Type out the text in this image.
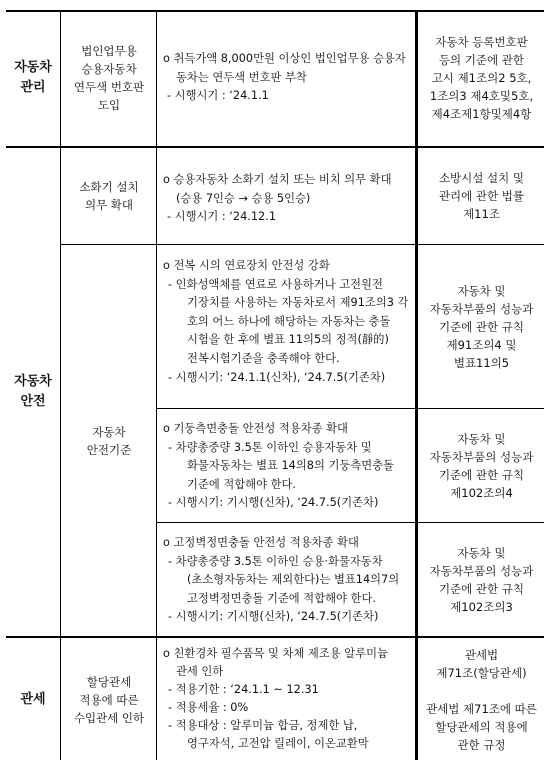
자동차
관리
법인업무용
승용자동차
연두색 번호판
도입
o 취득가액 8,000만원 이상인 법인업무용 승용자
동차는 연두색 번호판 부착
- 시행시기 : ‘24.1.1
자동차 등록번호판
등의 기준에 관한
고시 제1조의2 5호,
1조의3 제4호및5호,
제4조제1항및제4항
자동차
안전
소화기 설치
의무 확대
o 승용자동차 소화기 설치 또는 비치 의무 확대
(승용 7인승 → 승용 5인승)
- 시행시기 : ‘24.12.1
소방시설 설치 및
관리에 관한 법률
제11조
자동차
안전기준
o 전복 시의 연료장치 안전성 강화
- 인화성액체를 연료로 사용하거나 고전원전
기장치를 사용하는 자동차로서 제91조의3 각
호의 어느 하나에 해당하는 자동차는 충돌
시험을 한 후에 별표 11의5의 정적(靜的)
전복시험기준을 충족해야 한다.
- 시행시기: ‘24.1.1(신차), ‘24.7.5(기존차)
자동차 및
자동차부품의 성능과
기준에 관한 규칙
제91조의4 및
별표11의5
o 기둥측면충돌 안전성 적용차종 확대
- 차량총중량 3.5톤 이하인 승용자동차 및
화물자동차는 별표 14의8의 기둥측면충돌
기준에 적합해야 한다.
- 시행시기: 기시행(신차), ‘24.7.5(기존차)
자동차 및
자동차부품의 성능과
기준에 관한 규칙
제102조의4
o 고정벽정면충돌 안전성 적용차종 확대
- 차량총중량 3.5톤 이하인 승용‧화물자동차
(초소형자동차는 제외한다)는 별표14의7의
고정벽정면충돌 기준에 적합해야 한다.
- 시행시기: 기시행(신차), ‘24.7.5(기존차)
자동차 및
자동차부품의 성능과
기준에 관한 규칙
제102조의3
관세
할당관세
적용에 따른
수입관세 인하
o 친환경차 필수품목 및 차체 제조용 알루미늄
관세 인하
- 적용기한 : ‘24.1.1 ~ 12.31
- 적용세율 : 0%
- 적용대상 : 알루미늄 합금, 정제한 납,
영구자석, 고전압 릴레이, 이온교환막
관세법
제71조(할당관세)
관세법 제71조에 따른
할당관세의 적용에
관한 규정
